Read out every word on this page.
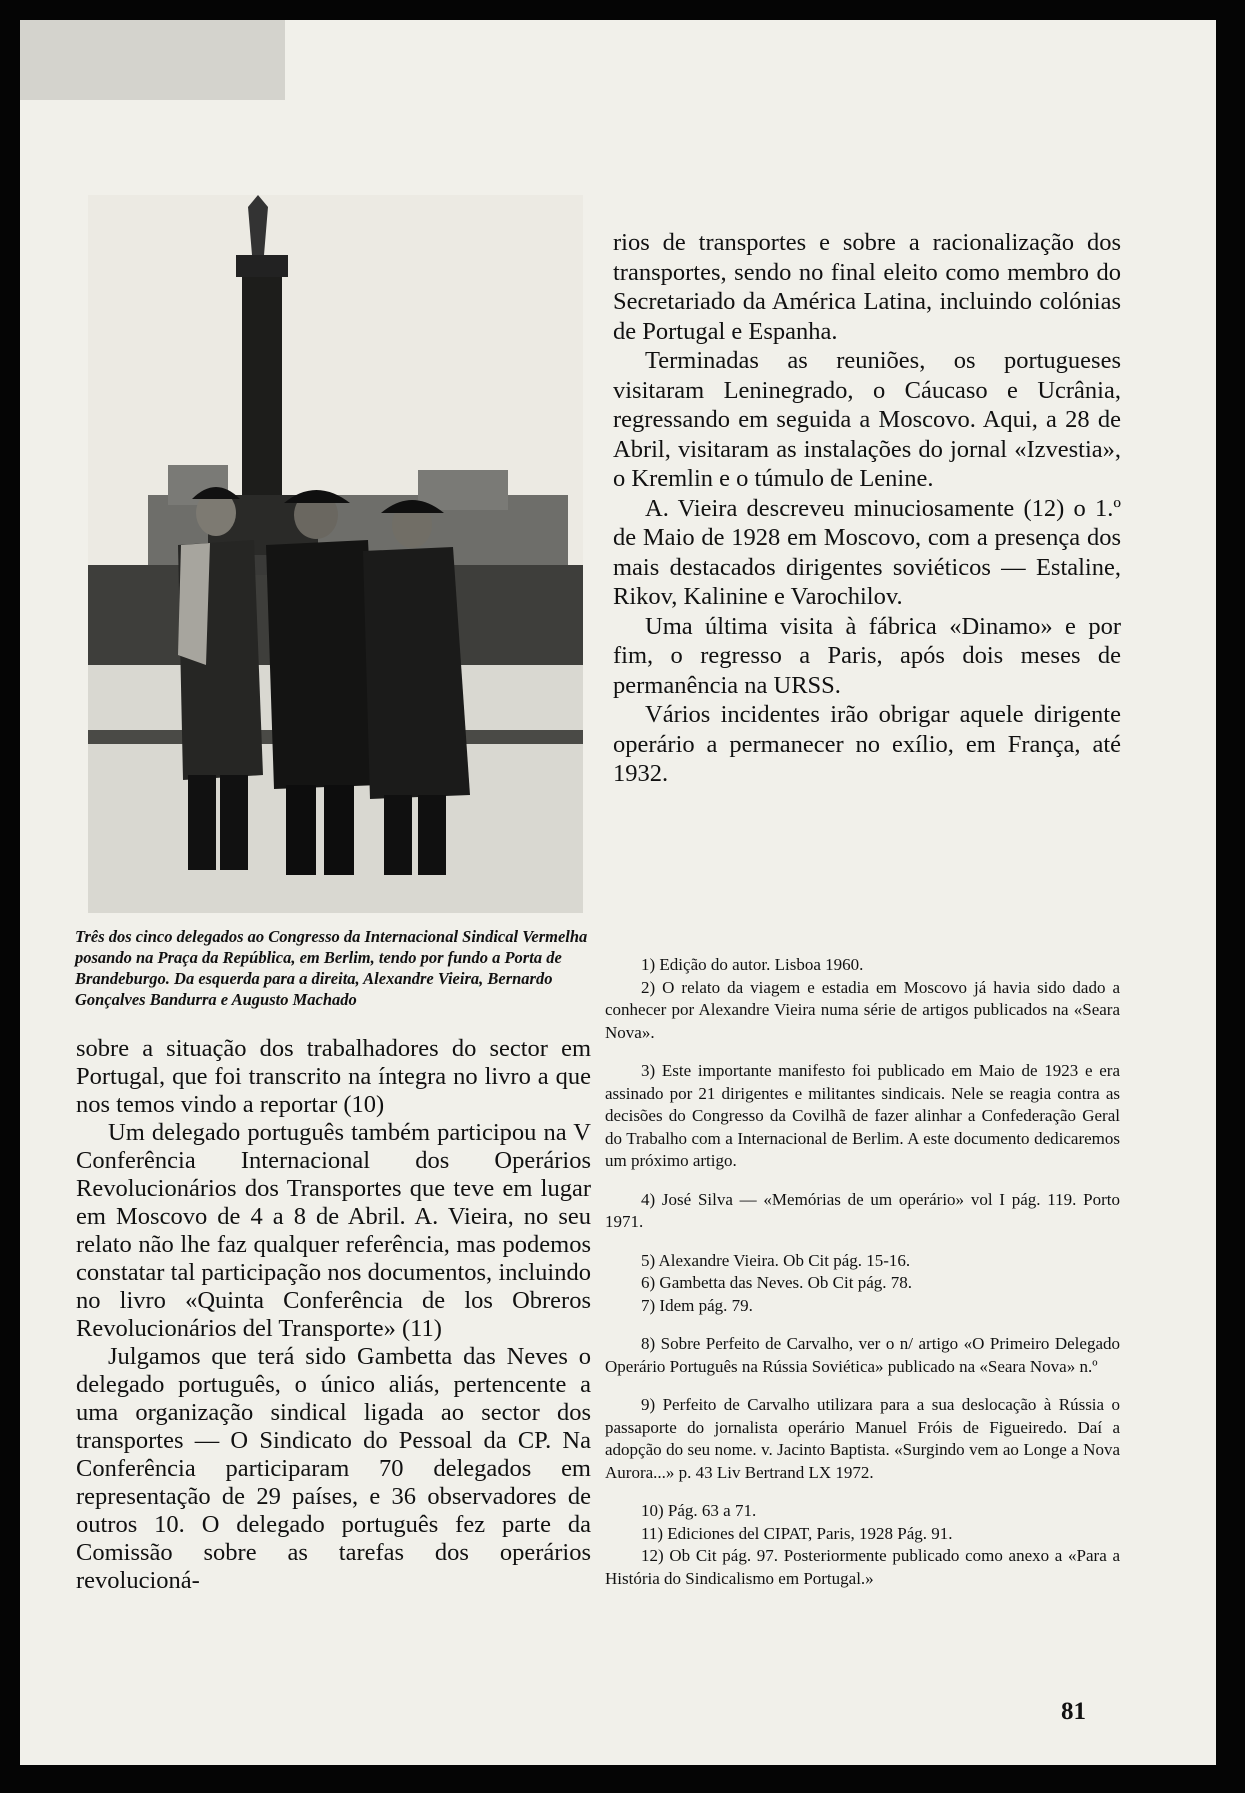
Três dos cinco delegados ao Congresso da Internacional Sindical Vermelha posando na Praça da República, em Berlim, tendo por fundo a Porta de Brandeburgo. Da esquerda para a direita, Alexandre Vieira, Bernardo Gonçalves Bandurra e Augusto Machado

sobre a situação dos trabalhadores do sector em Portugal, que foi transcrito na íntegra no livro a que nos temos vindo a reportar (10)

Um delegado português também participou na V Conferência Internacional dos Operários Revolucionários dos Transportes que teve em lugar em Moscovo de 4 a 8 de Abril. A. Vieira, no seu relato não lhe faz qualquer referência, mas podemos constatar tal participação nos documentos, incluindo no livro «Quinta Conferência de los Obreros Revolucionários del Transporte» (11)

Julgamos que terá sido Gambetta das Neves o delegado português, o único aliás, pertencente a uma organização sindical ligada ao sector dos transportes — O Sindicato do Pessoal da CP. Na Conferência participaram 70 delegados em representação de 29 países, e 36 observadores de outros 10. O delegado português fez parte da Comissão sobre as tarefas dos operários revolucioná-

rios de transportes e sobre a racionalização dos transportes, sendo no final eleito como membro do Secretariado da América Latina, incluindo colónias de Portugal e Espanha.

Terminadas as reuniões, os portugueses visitaram Leninegrado, o Cáucaso e Ucrânia, regressando em seguida a Moscovo. Aqui, a 28 de Abril, visitaram as instalações do jornal «Izvestia», o Kremlin e o túmulo de Lenine.

A. Vieira descreveu minuciosamente (12) o 1.º de Maio de 1928 em Moscovo, com a presença dos mais destacados dirigentes soviéticos — Estaline, Rikov, Kalinine e Varochilov.

Uma última visita à fábrica «Dinamo» e por fim, o regresso a Paris, após dois meses de permanência na URSS.

Vários incidentes irão obrigar aquele dirigente operário a permanecer no exílio, em França, até 1932.

1) Edição do autor. Lisboa 1960.

2) O relato da viagem e estadia em Moscovo já havia sido dado a conhecer por Alexandre Vieira numa série de artigos publicados na «Seara Nova».

3) Este importante manifesto foi publicado em Maio de 1923 e era assinado por 21 dirigentes e militantes sindicais. Nele se reagia contra as decisões do Congresso da Covilhã de fazer alinhar a Confederação Geral do Trabalho com a Internacional de Berlim. A este documento dedicaremos um próximo artigo.

4) José Silva — «Memórias de um operário» vol I pág. 119. Porto 1971.

5) Alexandre Vieira. Ob Cit pág. 15-16.

6) Gambetta das Neves. Ob Cit pág. 78.

7) Idem pág. 79.

8) Sobre Perfeito de Carvalho, ver o n/ artigo «O Primeiro Delegado Operário Português na Rússia Soviética» publicado na «Seara Nova» n.º

9) Perfeito de Carvalho utilizara para a sua deslocação à Rússia o passaporte do jornalista operário Manuel Fróis de Figueiredo. Daí a adopção do seu nome. v. Jacinto Baptista. «Surgindo vem ao Longe a Nova Aurora...» p. 43 Liv Bertrand LX 1972.

10) Pág. 63 a 71.

11) Ediciones del CIPAT, Paris, 1928 Pág. 91.

12) Ob Cit pág. 97. Posteriormente publicado como anexo a «Para a História do Sindicalismo em Portugal.»

81
